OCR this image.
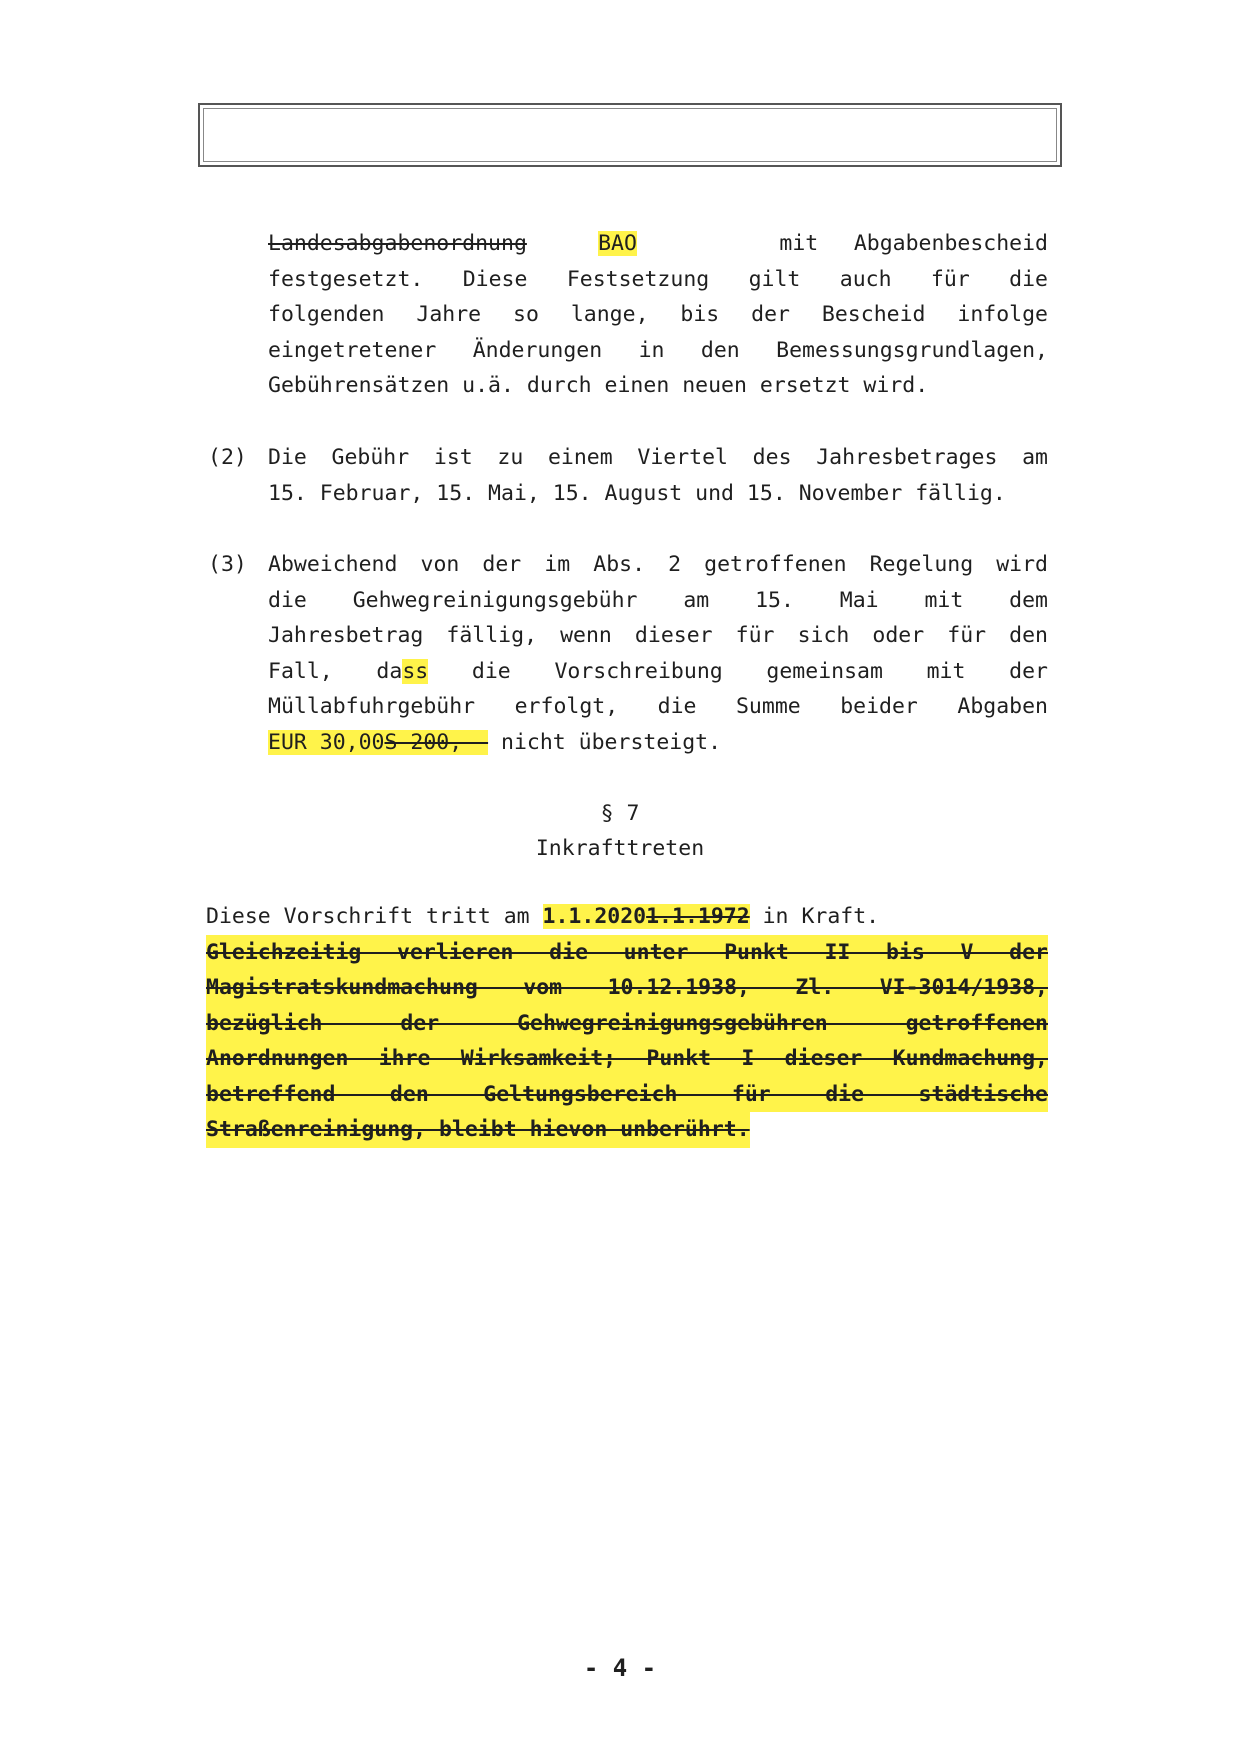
Landesabgabenordnung	BAO	mit Abgabenbescheid
festgesetzt. Diese Festsetzung gilt auch für die
folgenden Jahre so lange, bis der Bescheid infolge
eingetretener Änderungen in den Bemessungsgrundlagen,
Gebührensätzen u.ä. durch einen neuen ersetzt wird.
(2) Die Gebühr ist zu einem Viertel des Jahresbetrages am
15. Februar, 15. Mai, 15. August und 15. November fällig.
(3) Abweichend von der im Abs. 2 getroffenen Regelung wird
die Gehwegreinigungsgebühr am 15. Mai mit dem
Jahresbetrag fällig, wenn dieser für sich oder für den
Fall, dass die Vorschreibung gemeinsam mit der
Müllabfuhrgebühr erfolgt, die Summe beider Abgaben
EUR 30,00S 200,-- nicht übersteigt.
§ 7
Inkrafttreten
Diese Vorschrift tritt am 1.1.20201.1.1972 in Kraft.
Gleichzeitig verlieren die unter Punkt II bis V der
Magistratskundmachung vom 10.12.1938, Zl. VI-3014/1938,
bezüglich der Gehwegreinigungsgebühren getroffenen
Anordnungen ihre Wirksamkeit; Punkt I dieser Kundmachung,
betreffend den Geltungsbereich für die städtische
Straßenreinigung, bleibt hievon unberührt.
- 4 -
